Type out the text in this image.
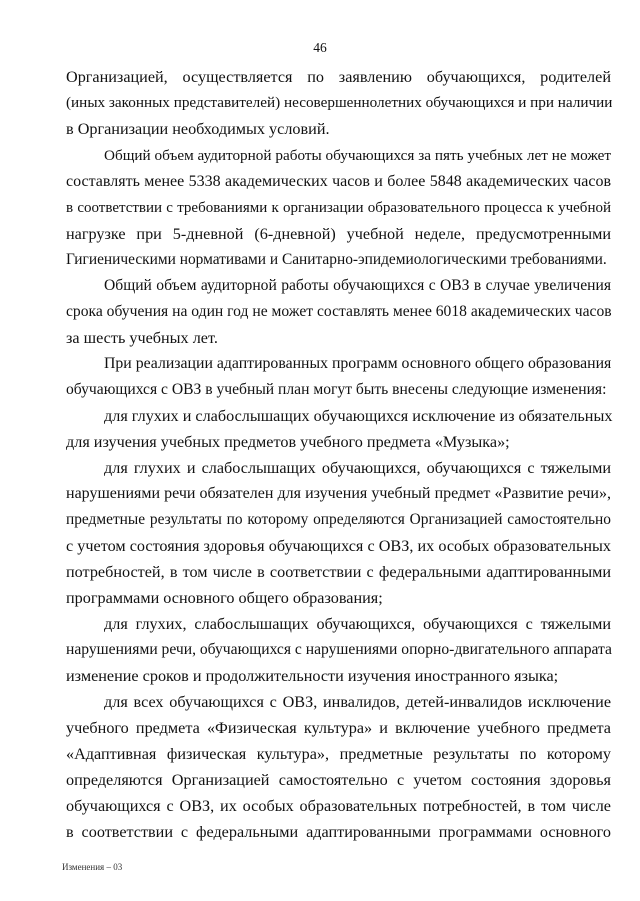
46
Организацией, осуществляется по заявлению обучающихся, родителей
(иных законных представителей) несовершеннолетних обучающихся и при наличии
в Организации необходимых условий.
Общий объем аудиторной работы обучающихся за пять учебных лет не может
составлять менее 5338 академических часов и более 5848 академических часов
в соответствии с требованиями к организации образовательного процесса к учебной
нагрузке при 5-дневной (6-дневной) учебной неделе, предусмотренными
Гигиеническими нормативами и Санитарно-эпидемиологическими требованиями.
Общий объем аудиторной работы обучающихся с ОВЗ в случае увеличения
срока обучения на один год не может составлять менее 6018 академических часов
за шесть учебных лет.
При реализации адаптированных программ основного общего образования
обучающихся с ОВЗ в учебный план могут быть внесены следующие изменения:
для глухих и слабослышащих обучающихся исключение из обязательных
для изучения учебных предметов учебного предмета «Музыка»;
для глухих и слабослышащих обучающихся, обучающихся с тяжелыми
нарушениями речи обязателен для изучения учебный предмет «Развитие речи»,
предметные результаты по которому определяются Организацией самостоятельно
с учетом состояния здоровья обучающихся с ОВЗ, их особых образовательных
потребностей, в том числе в соответствии с федеральными адаптированными
программами основного общего образования;
для глухих, слабослышащих обучающихся, обучающихся с тяжелыми
нарушениями речи, обучающихся с нарушениями опорно-двигательного аппарата
изменение сроков и продолжительности изучения иностранного языка;
для всех обучающихся с ОВЗ, инвалидов, детей-инвалидов исключение
учебного предмета «Физическая культура» и включение учебного предмета
«Адаптивная физическая культура», предметные результаты по которому
определяются Организацией самостоятельно с учетом состояния здоровья
обучающихся с ОВЗ, их особых образовательных потребностей, в том числе
в соответствии с федеральными адаптированными программами основного
Изменения – 03
